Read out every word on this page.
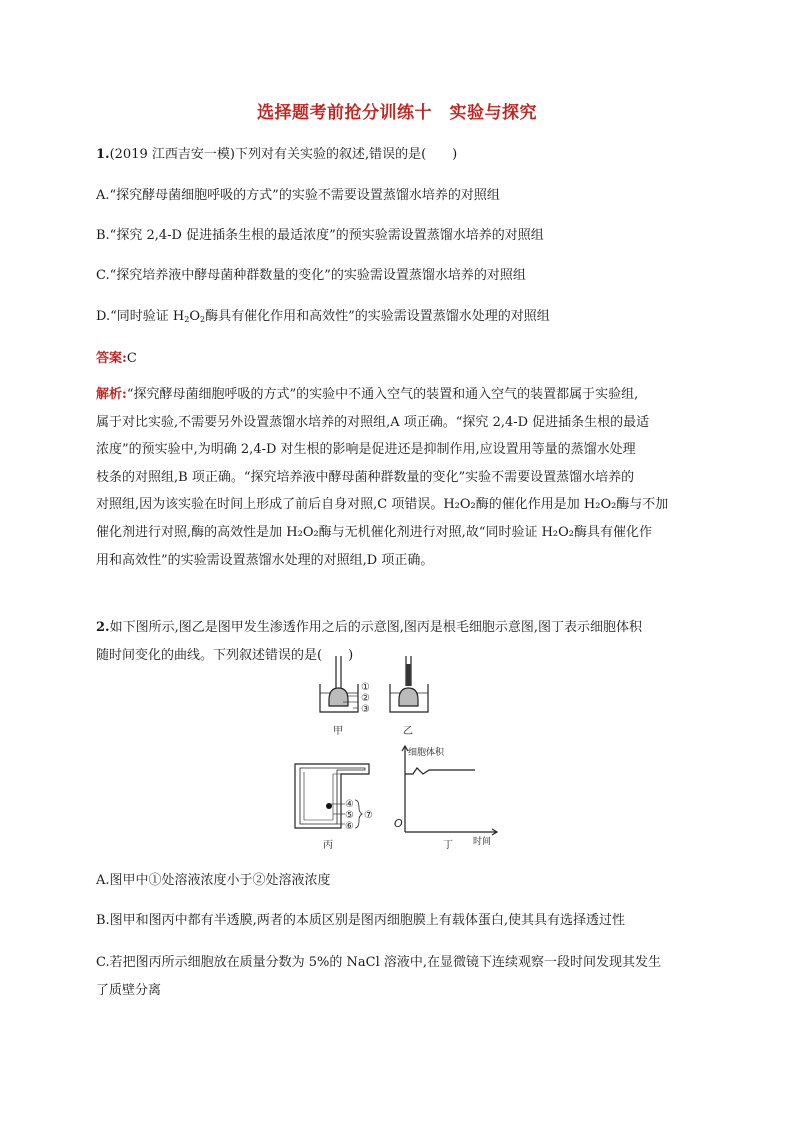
选择题考前抢分训练十　实验与探究
1.(2019 江西吉安一模)下列对有关实验的叙述,错误的是(　　)
A.“探究酵母菌细胞呼吸的方式”的实验不需要设置蒸馏水培养的对照组
B.“探究 2,4-D 促进插条生根的最适浓度”的预实验需设置蒸馏水培养的对照组
C.“探究培养液中酵母菌种群数量的变化”的实验需设置蒸馏水培养的对照组
D.“同时验证 $H_2O_2$酶具有催化作用和高效性”的实验需设置蒸馏水处理的对照组
答案:C
解析:“探究酵母菌细胞呼吸的方式”的实验中不通入空气的装置和通入空气的装置都属于实验组,
属于对比实验,不需要另外设置蒸馏水培养的对照组,A 项正确。“探究 2,4-D 促进插条生根的最适
浓度”的预实验中,为明确 2,4-D 对生根的影响是促进还是抑制作用,应设置用等量的蒸馏水处理
枝条的对照组,B 项正确。“探究培养液中酵母菌种群数量的变化”实验不需要设置蒸馏水培养的
对照组,因为该实验在时间上形成了前后自身对照,C 项错误。H₂O₂酶的催化作用是加 H₂O₂酶与不加
催化剂进行对照,酶的高效性是加 H₂O₂酶与无机催化剂进行对照,故“同时验证 H₂O₂酶具有催化作
用和高效性”的实验需设置蒸馏水处理的对照组,D 项正确。
2.如下图所示,图乙是图甲发生渗透作用之后的示意图,图丙是根毛细胞示意图,图丁表示细胞体积
随时间变化的曲线。下列叙述错误的是(　　)
①
②
③
甲	乙
④
⑤
⑥
⑦
丙
细胞体积
时间
O
丁
A.图甲中①处溶液浓度小于②处溶液浓度
B.图甲和图丙中都有半透膜,两者的本质区别是图丙细胞膜上有载体蛋白,使其具有选择透过性
C.若把图丙所示细胞放在质量分数为 5%的 NaCl 溶液中,在显微镜下连续观察一段时间发现其发生
了质壁分离
